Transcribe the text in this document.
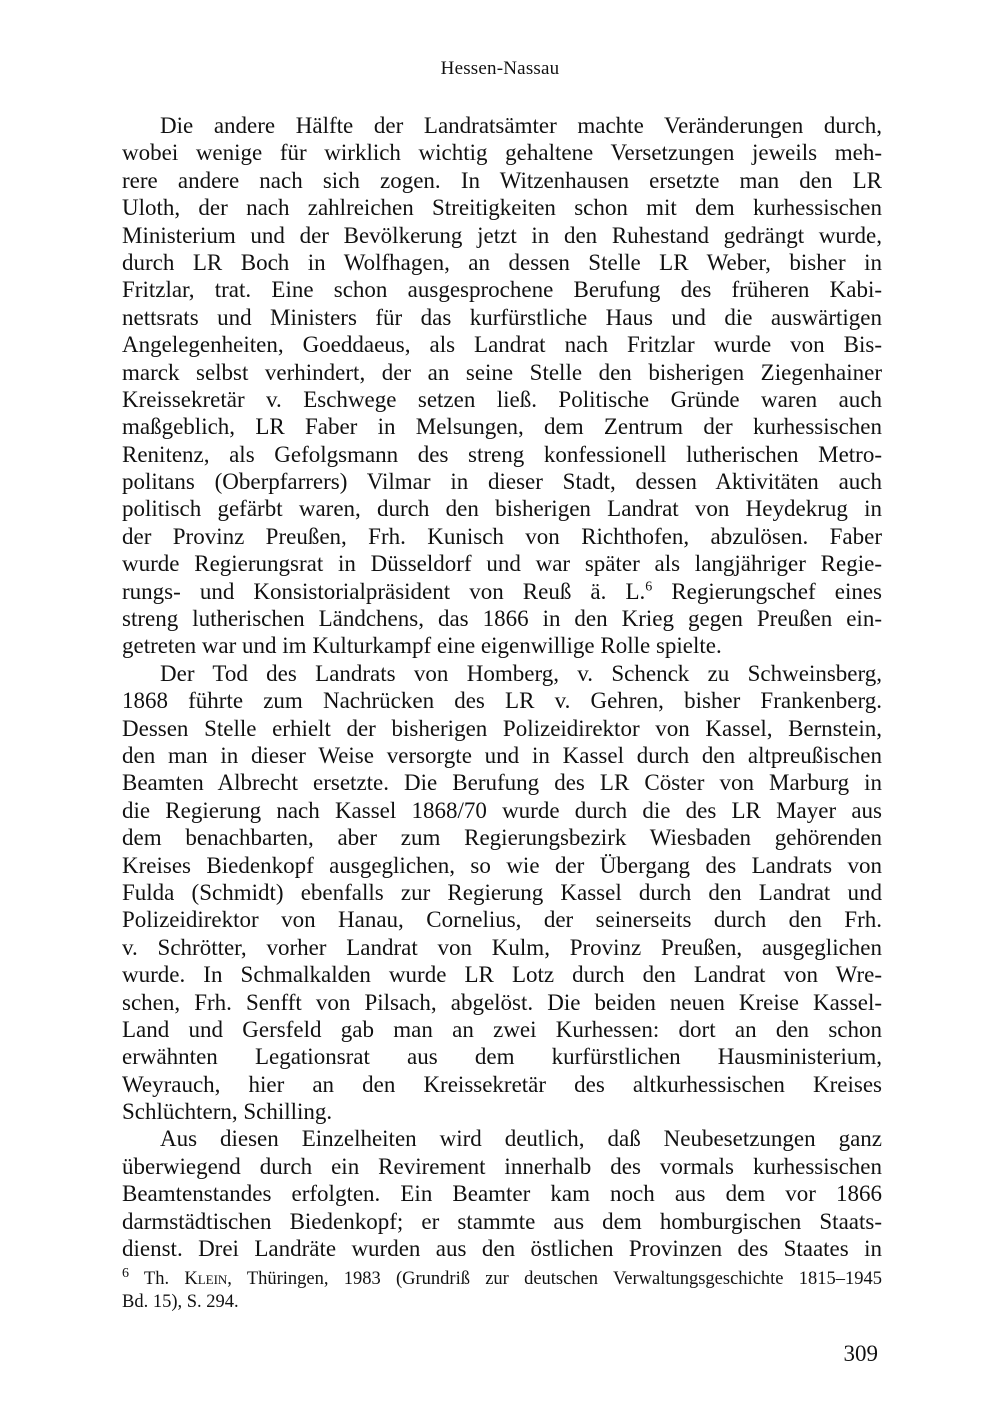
Hessen-Nassau
Die andere Hälfte der Landratsämter machte Veränderungen durch,
wobei wenige für wirklich wichtig gehaltene Versetzungen jeweils meh-
rere andere nach sich zogen. In Witzenhausen ersetzte man den LR
Uloth, der nach zahlreichen Streitigkeiten schon mit dem kurhessischen
Ministerium und der Bevölkerung jetzt in den Ruhestand gedrängt wurde,
durch LR Boch in Wolfhagen, an dessen Stelle LR Weber, bisher in
Fritzlar, trat. Eine schon ausgesprochene Berufung des früheren Kabi-
nettsrats und Ministers für das kurfürstliche Haus und die auswärtigen
Angelegenheiten, Goeddaeus, als Landrat nach Fritzlar wurde von Bis-
marck selbst verhindert, der an seine Stelle den bisherigen Ziegenhainer
Kreissekretär v. Eschwege setzen ließ. Politische Gründe waren auch
maßgeblich, LR Faber in Melsungen, dem Zentrum der kurhessischen
Renitenz, als Gefolgsmann des streng konfessionell lutherischen Metro-
politans (Oberpfarrers) Vilmar in dieser Stadt, dessen Aktivitäten auch
politisch gefärbt waren, durch den bisherigen Landrat von Heydekrug in
der Provinz Preußen, Frh. Kunisch von Richthofen, abzulösen. Faber
wurde Regierungsrat in Düsseldorf und war später als langjähriger Regie-
rungs- und Konsistorialpräsident von Reuß ä. L.$^6$ Regierungschef eines
streng lutherischen Ländchens, das 1866 in den Krieg gegen Preußen ein-
getreten war und im Kulturkampf eine eigenwillige Rolle spielte.
Der Tod des Landrats von Homberg, v. Schenck zu Schweinsberg,
1868 führte zum Nachrücken des LR v. Gehren, bisher Frankenberg.
Dessen Stelle erhielt der bisherigen Polizeidirektor von Kassel, Bernstein,
den man in dieser Weise versorgte und in Kassel durch den altpreußischen
Beamten Albrecht ersetzte. Die Berufung des LR Cöster von Marburg in
die Regierung nach Kassel 1868/70 wurde durch die des LR Mayer aus
dem benachbarten, aber zum Regierungsbezirk Wiesbaden gehörenden
Kreises Biedenkopf ausgeglichen, so wie der Übergang des Landrats von
Fulda (Schmidt) ebenfalls zur Regierung Kassel durch den Landrat und
Polizeidirektor von Hanau, Cornelius, der seinerseits durch den Frh.
v. Schrötter, vorher Landrat von Kulm, Provinz Preußen, ausgeglichen
wurde. In Schmalkalden wurde LR Lotz durch den Landrat von Wre-
schen, Frh. Senfft von Pilsach, abgelöst. Die beiden neuen Kreise Kassel-
Land und Gersfeld gab man an zwei Kurhessen: dort an den schon
erwähnten Legationsrat aus dem kurfürstlichen Hausministerium,
Weyrauch, hier an den Kreissekretär des altkurhessischen Kreises
Schlüchtern, Schilling.
Aus diesen Einzelheiten wird deutlich, daß Neubesetzungen ganz
überwiegend durch ein Revirement innerhalb des vormals kurhessischen
Beamtenstandes erfolgten. Ein Beamter kam noch aus dem vor 1866
darmstädtischen Biedenkopf; er stammte aus dem homburgischen Staats-
dienst. Drei Landräte wurden aus den östlichen Provinzen des Staates in
$^6$ Th. Klein, Thüringen, 1983 (Grundriß zur deutschen Verwaltungsgeschichte 1815–1945
Bd. 15), S. 294.
309
